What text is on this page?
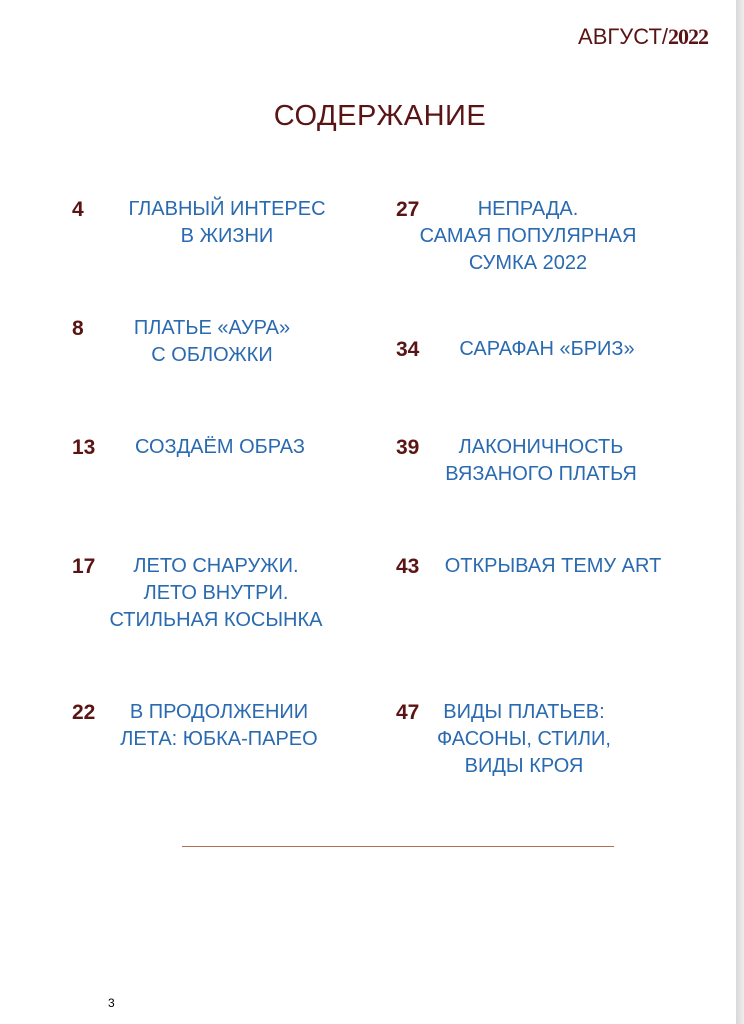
АВГУСТ/2022
СОДЕРЖАНИЕ
4	ГЛАВНЫЙ ИНТЕРЕС
В ЖИЗНИ
8	ПЛАТЬЕ «АУРА»
С ОБЛОЖКИ
13	СОЗДАЁМ ОБРАЗ
17	ЛЕТО СНАРУЖИ.
ЛЕТО ВНУТРИ.
СТИЛЬНАЯ КОСЫНКА
22	В ПРОДОЛЖЕНИИ
ЛЕТА: ЮБКА-ПАРЕО
27	НЕПРАДА.
САМАЯ ПОПУЛЯРНАЯ
СУМКА 2022
34	САРАФАН «БРИЗ»
39	ЛАКОНИЧНОСТЬ
ВЯЗАНОГО ПЛАТЬЯ
43	ОТКРЫВАЯ ТЕМУ ART
47	ВИДЫ ПЛАТЬЕВ:
ФАСОНЫ, СТИЛИ,
ВИДЫ КРОЯ
3
